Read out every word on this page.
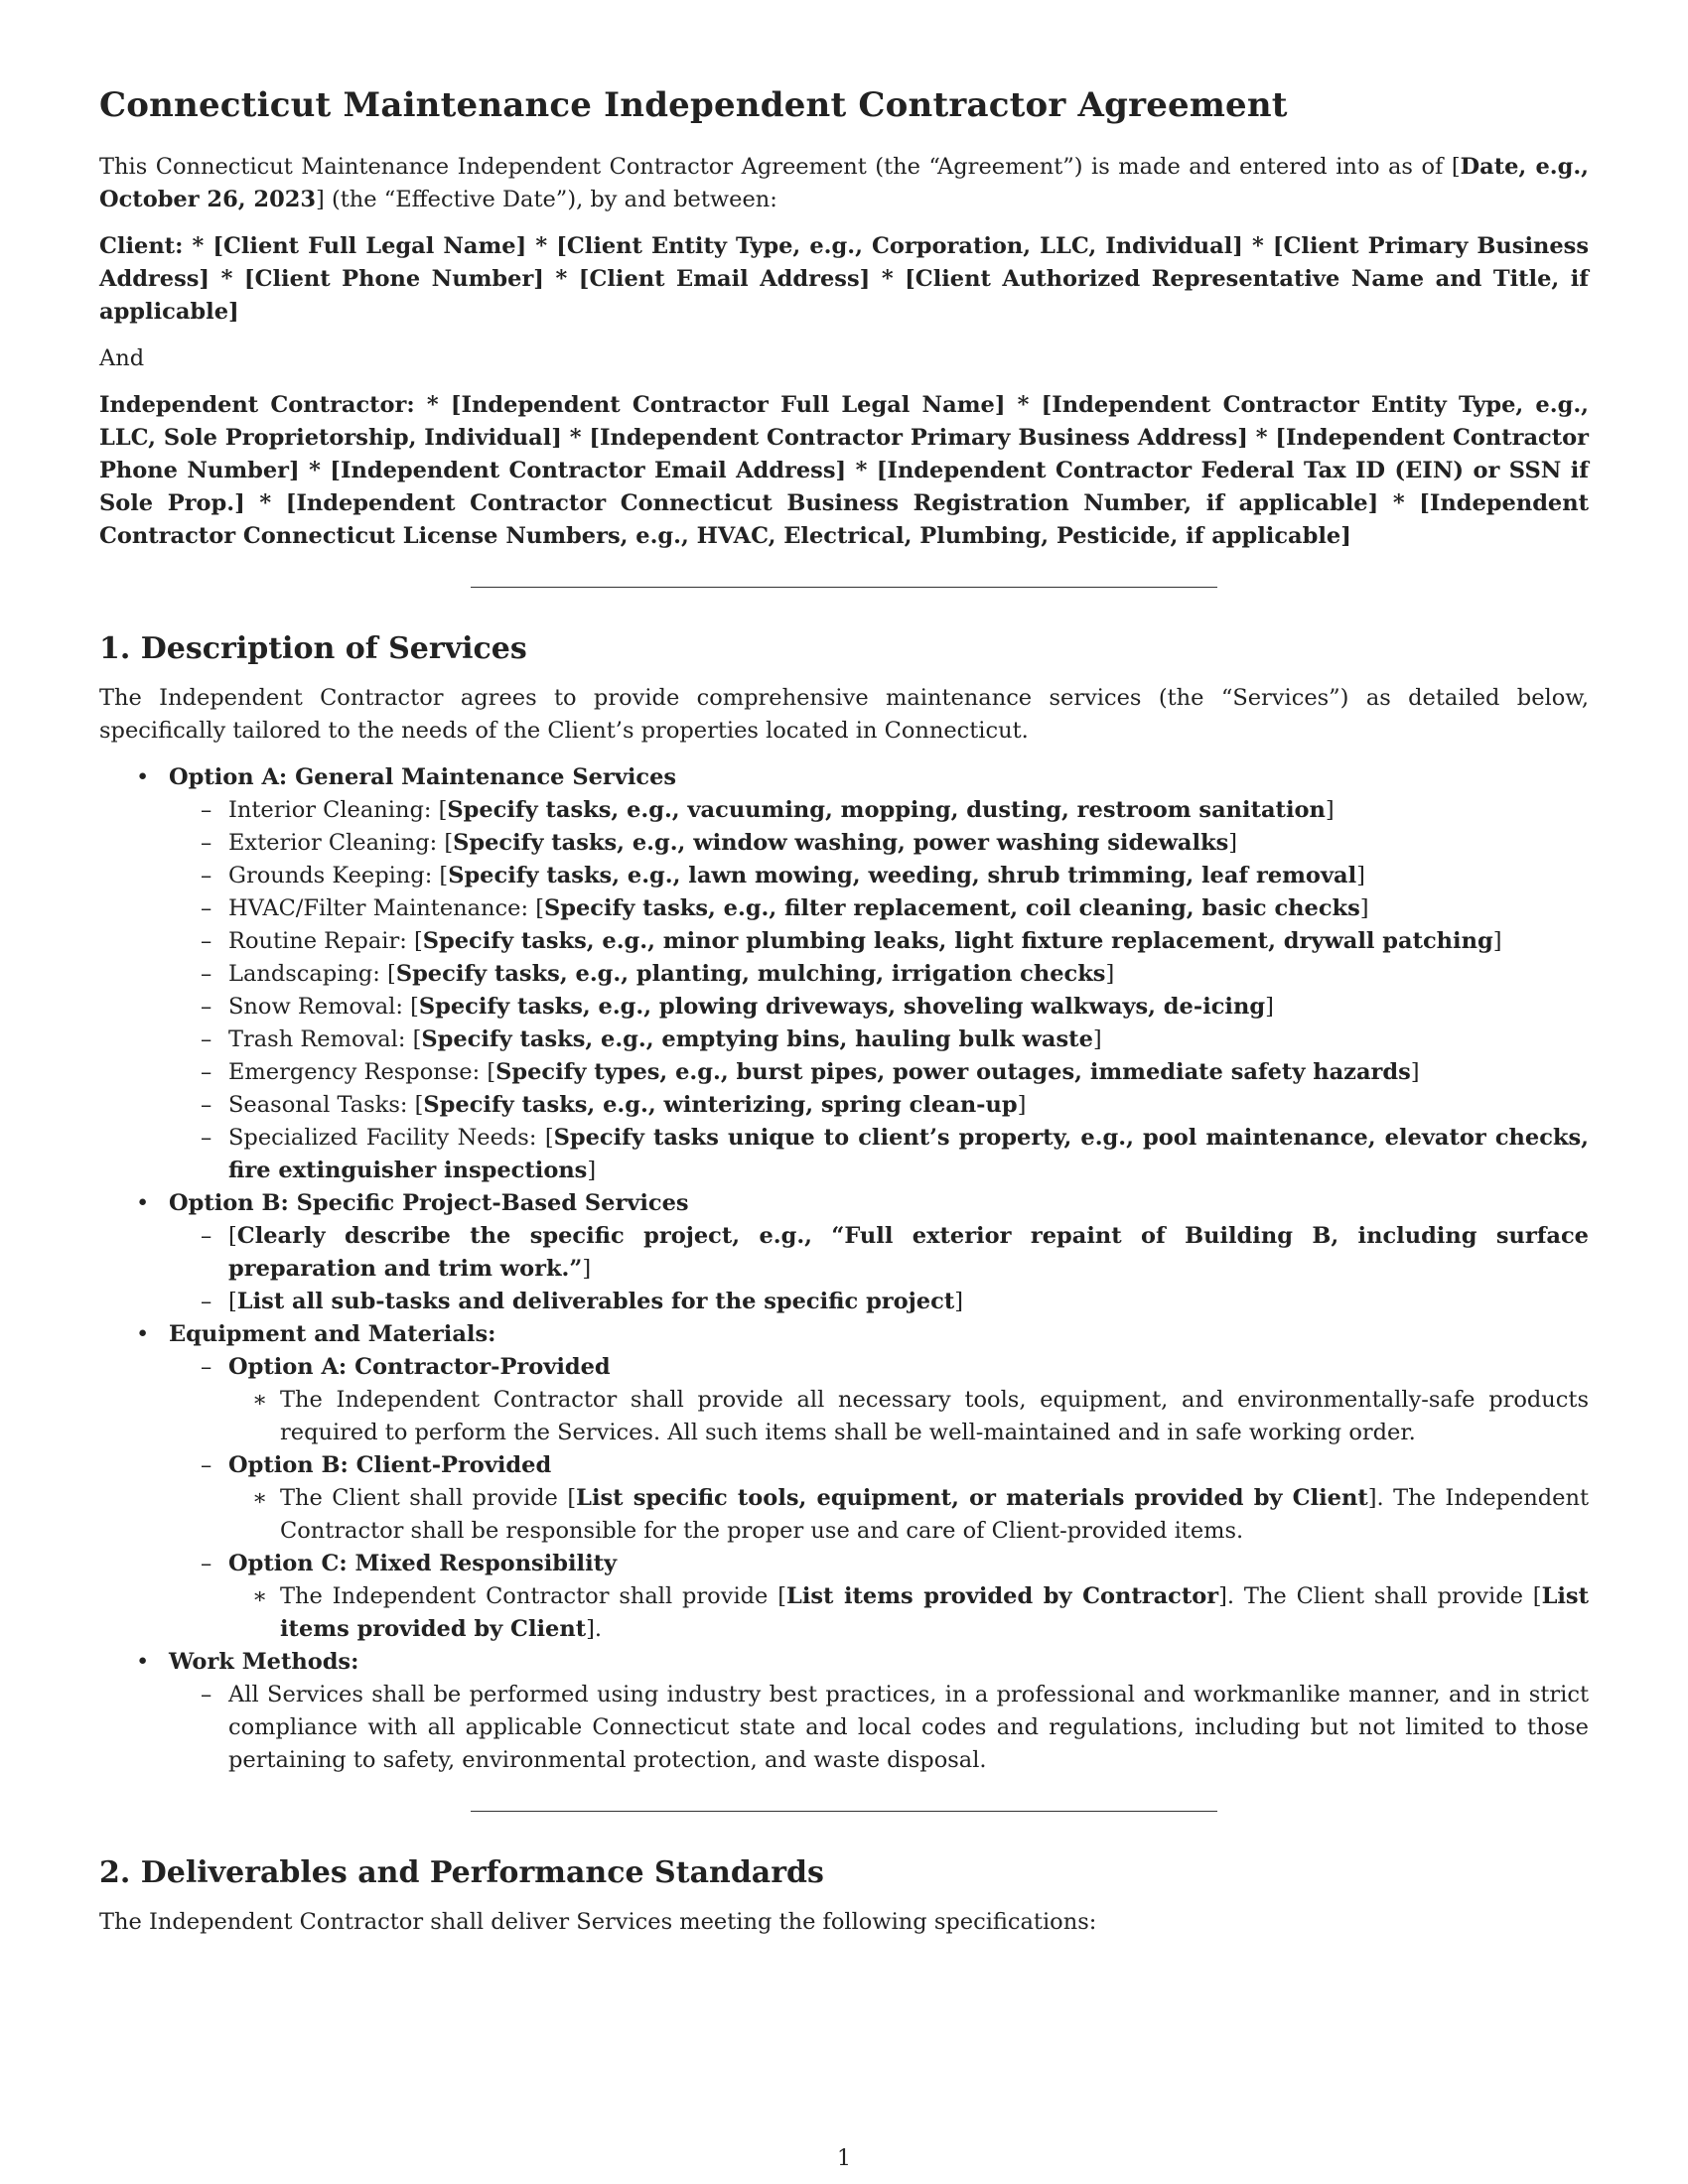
Connecticut Maintenance Independent Contractor Agreement

This Connecticut Maintenance Independent Contractor Agreement (the “Agreement”) is made and entered into as of [Date, e.g., October 26, 2023] (the “Effective Date”), by and between:

Client: * [Client Full Legal Name] * [Client Entity Type, e.g., Corporation, LLC, Individual] * [Client Primary Business Address] * [Client Phone Number] * [Client Email Address] * [Client Authorized Representative Name and Title, if applicable]

And

Independent Contractor: * [Independent Contractor Full Legal Name] * [Independent Contractor Entity Type, e.g., LLC, Sole Proprietorship, Individual] * [Independent Contractor Primary Business Address] * [Independent Contractor Phone Number] * [Independent Contractor Email Address] * [Independent Contractor Federal Tax ID (EIN) or SSN if Sole Prop.] * [Independent Contractor Connecticut Business Registration Number, if applicable] * [Independent Contractor Connecticut License Numbers, e.g., HVAC, Electrical, Plumbing, Pesticide, if applicable]

1. Description of Services

The Independent Contractor agrees to provide comprehensive maintenance services (the “Services”) as detailed below, specifically tailored to the needs of the Client’s properties located in Connecticut.

• Option A: General Maintenance Services
– Interior Cleaning: [Specify tasks, e.g., vacuuming, mopping, dusting, restroom sanitation]
– Exterior Cleaning: [Specify tasks, e.g., window washing, power washing sidewalks]
– Grounds Keeping: [Specify tasks, e.g., lawn mowing, weeding, shrub trimming, leaf removal]
– HVAC/Filter Maintenance: [Specify tasks, e.g., filter replacement, coil cleaning, basic checks]
– Routine Repair: [Specify tasks, e.g., minor plumbing leaks, light fixture replacement, drywall patching]
– Landscaping: [Specify tasks, e.g., planting, mulching, irrigation checks]
– Snow Removal: [Specify tasks, e.g., plowing driveways, shoveling walkways, de-icing]
– Trash Removal: [Specify tasks, e.g., emptying bins, hauling bulk waste]
– Emergency Response: [Specify types, e.g., burst pipes, power outages, immediate safety hazards]
– Seasonal Tasks: [Specify tasks, e.g., winterizing, spring clean-up]
– Specialized Facility Needs: [Specify tasks unique to client’s property, e.g., pool maintenance, elevator checks, fire extinguisher inspections]
• Option B: Specific Project-Based Services
– [Clearly describe the specific project, e.g., “Full exterior repaint of Building B, including surface preparation and trim work.”]
– [List all sub-tasks and deliverables for the specific project]
• Equipment and Materials:
– Option A: Contractor-Provided
∗ The Independent Contractor shall provide all necessary tools, equipment, and environmentally-safe products required to perform the Services. All such items shall be well-maintained and in safe working order.
– Option B: Client-Provided
∗ The Client shall provide [List specific tools, equipment, or materials provided by Client]. The Independent Contractor shall be responsible for the proper use and care of Client-provided items.
– Option C: Mixed Responsibility
∗ The Independent Contractor shall provide [List items provided by Contractor]. The Client shall provide [List items provided by Client].
• Work Methods:
– All Services shall be performed using industry best practices, in a professional and workmanlike manner, and in strict compliance with all applicable Connecticut state and local codes and regulations, including but not limited to those pertaining to safety, environmental protection, and waste disposal.
2. Deliverables and Performance Standards

The Independent Contractor shall deliver Services meeting the following specifications:

1
